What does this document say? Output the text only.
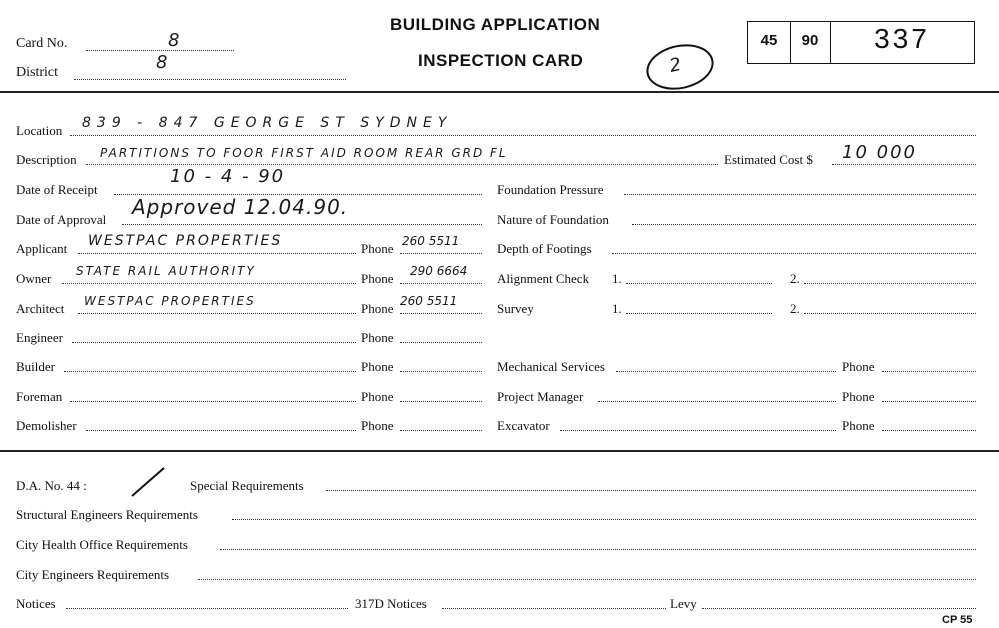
Card No.	8
District	8
BUILDING APPLICATION
INSPECTION CARD	2
45	90	337
Location 839 - 847 GEORGE ST SYDNEY
Description PARTITIONS TO FOOR FIRST AID ROOM REAR GRD FL	Estimated Cost $ 10 000
Date of Receipt
10 - 4 - 90
Date of Approval
Approved 12.04.90.
Applicant WESTPAC PROPERTIES	Phone 260 5511
Owner STATE RAIL AUTHORITY	Phone 290 6664
Architect WESTPAC PROPERTIES	Phone 260 5511
Engineer	Phone
Builder	Phone
Foreman	Phone
Demolisher	Phone
Foundation Pressure
Nature of Foundation
Depth of Footings
Alignment Check 1.	2.
Survey	1.	2.
Mechanical Services	Phone
Project Manager	Phone
Excavator	Phone
D.A. No. 44 :	Special Requirements
Structural Engineers Requirements
City Health Office Requirements
City Engineers Requirements
Notices	317D Notices	Levy
CP 55
